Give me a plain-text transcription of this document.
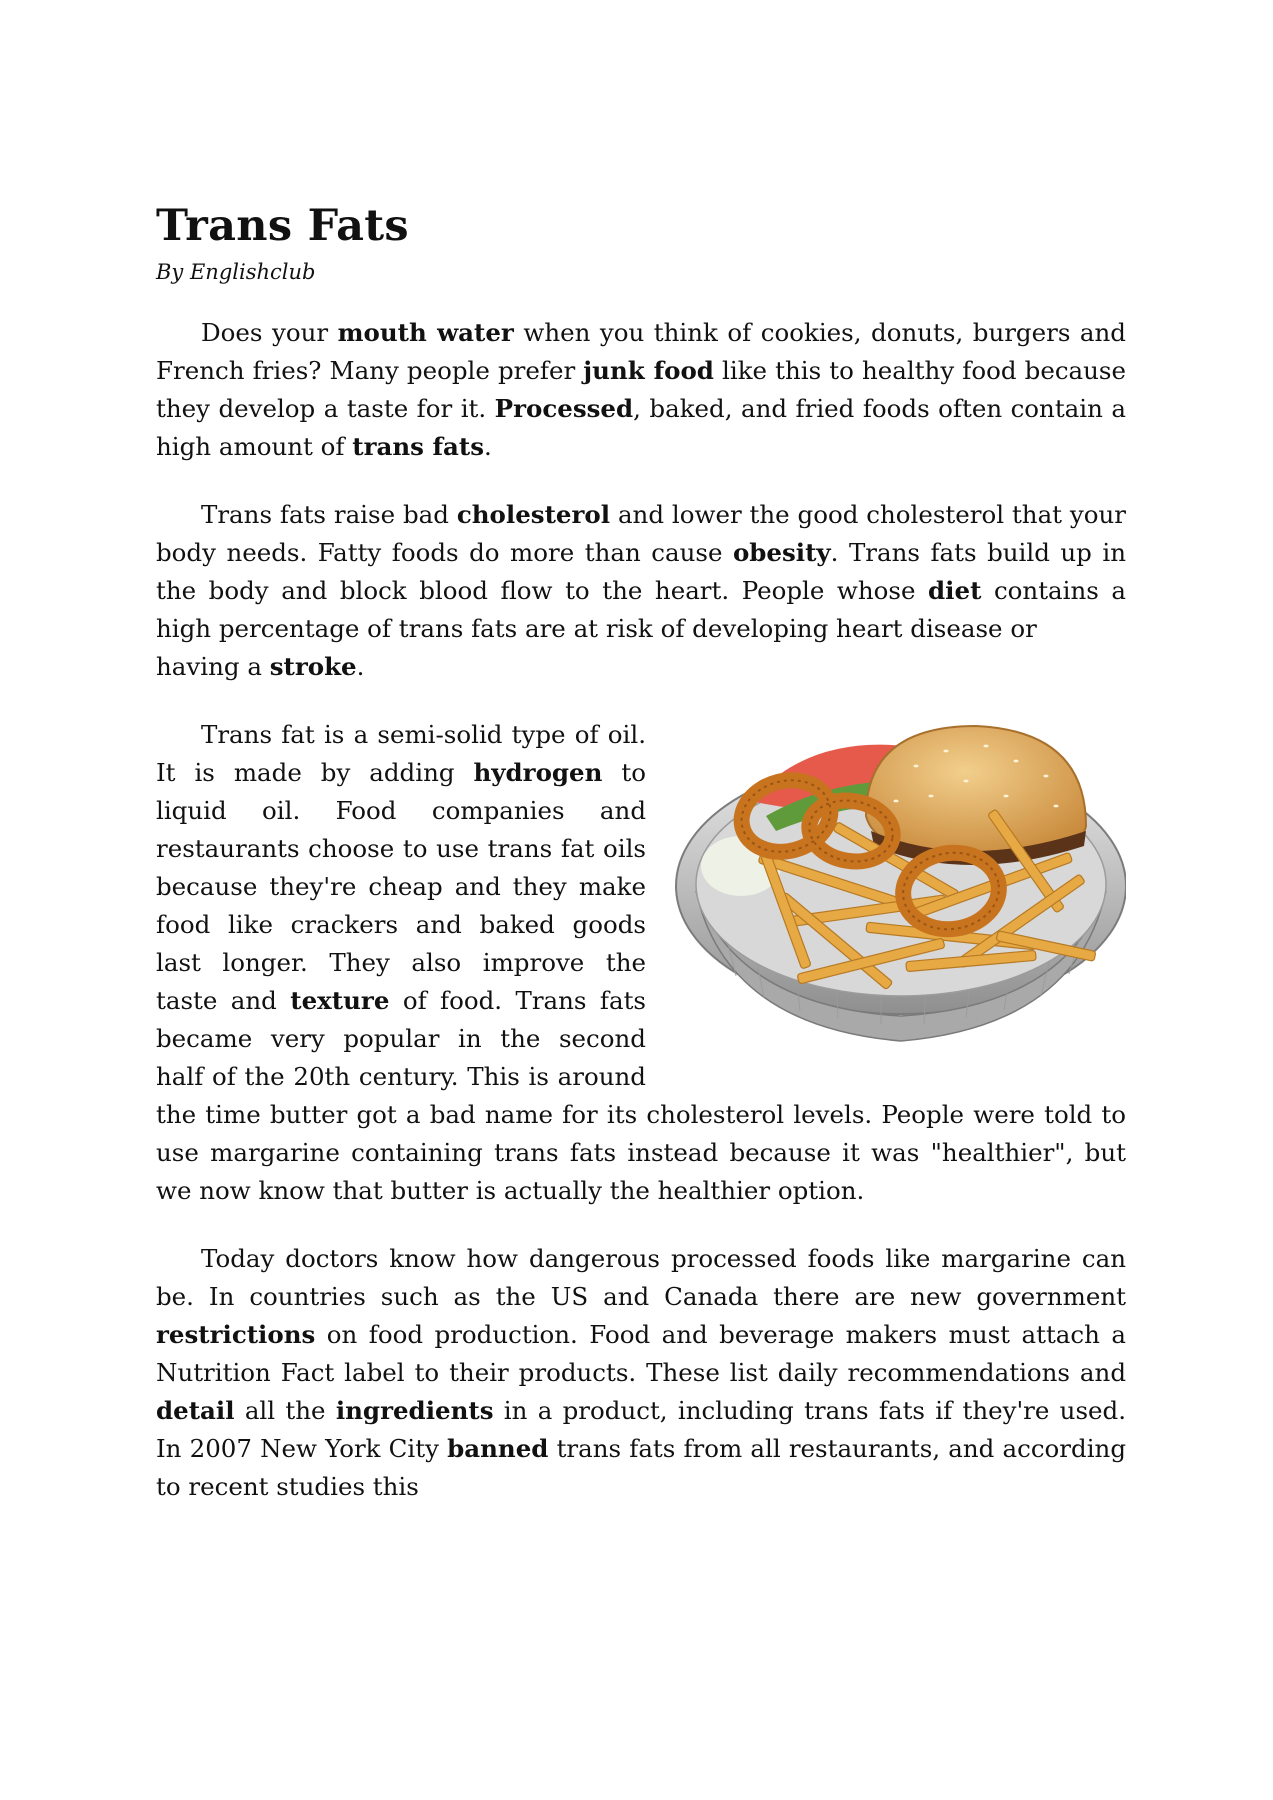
Trans Fats
By Englishclub

Does your mouth water when you think of cookies, donuts, burgers and French fries? Many people prefer junk food like this to healthy food because they develop a taste for it. Processed, baked, and fried foods often contain a high amount of trans fats.

Trans fats raise bad cholesterol and lower the good cholesterol that your body needs. Fatty foods do more than cause obesity. Trans fats build up in the body and block blood flow to the heart. People whose diet contains a high percentage of trans fats are at risk of developing heart disease or

having a stroke.

Trans fat is a semi-solid type of oil. It is made by adding hydrogen to liquid oil. Food companies and restaurants choose to use trans fat oils because they're cheap and they make food like crackers and baked goods last longer. They also improve the taste and texture of food. Trans fats became very popular in the second half of the 20th century. This is around the time butter got a bad name for its cholesterol levels. People were told to use margarine containing trans fats instead because it was "healthier", but we now know that butter is actually the healthier option.

Today doctors know how dangerous processed foods like margarine can be. In countries such as the US and Canada there are new government restrictions on food production. Food and beverage makers must attach a Nutrition Fact label to their products. These list daily recommendations and detail all the ingredients in a product, including trans fats if they're used. In 2007 New York City banned trans fats from all restaurants, and according to recent studies this
